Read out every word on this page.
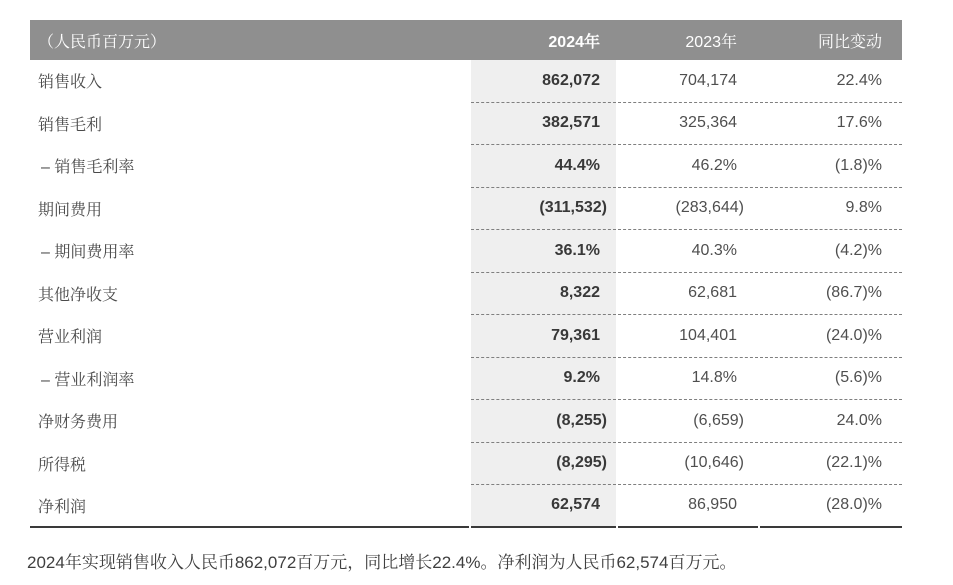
（人民币百万元）	2024年	2023年	同比变动
销售收入	862,072	704,174	22.4%
销售毛利	382,571	325,364	17.6%
– 销售毛利率	44.4%	46.2%	(1.8)%
期间费用	(311,532)	(283,644)	9.8%
– 期间费用率	36.1%	40.3%	(4.2)%
其他净收支	8,322	62,681	(86.7)%
营业利润	79,361	104,401	(24.0)%
– 营业利润率	9.2%	14.8%	(5.6)%
净财务费用	(8,255)	(6,659)	24.0%
所得税	(8,295)	(10,646)	(22.1)%
净利润	62,574	86,950	(28.0)%
2024年实现销售收入人民币862,072百万元，同比增长22.4%。净利润为人民币62,574百万元。
